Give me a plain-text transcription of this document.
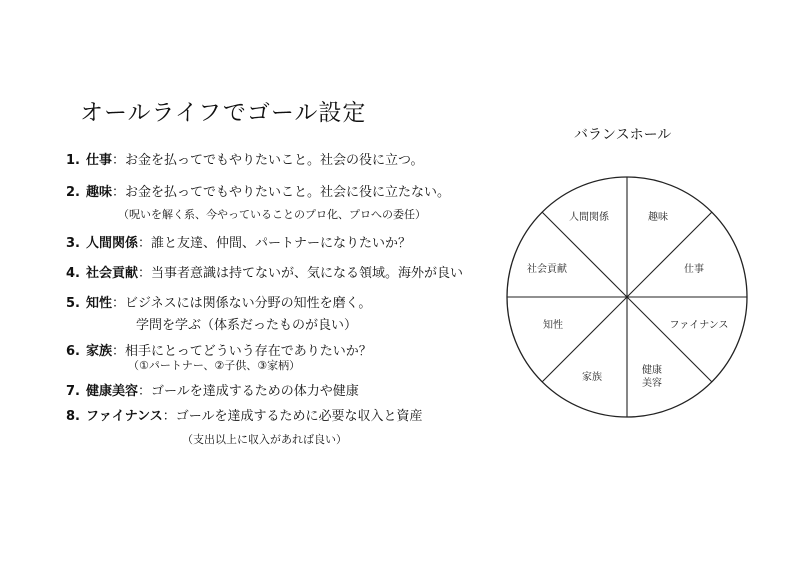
オールライフでゴール設定
1. 仕事：お金を払ってでもやりたいこと。社会の役に立つ。
2. 趣味：お金を払ってでもやりたいこと。社会に役に立たない。
（呪いを解く系、今やっていることのプロ化、プロへの委任）
3. 人間関係：誰と友達、仲間、パートナーになりたいか？
4. 社会貢献：当事者意識は持てないが、気になる領域。海外が良い
5. 知性：ビジネスには関係ない分野の知性を磨く。
学問を学ぶ（体系だったものが良い）
6. 家族：相手にとってどういう存在でありたいか？
（①パートナー、②子供、③家柄）
7. 健康美容：ゴールを達成するための体力や健康
8. ファイナンス：ゴールを達成するために必要な収入と資産
（支出以上に収入があれば良い）
バランスホール
趣味
仕事
ファイナンス
健康
美容
家族
知性
社会貢献
人間関係
